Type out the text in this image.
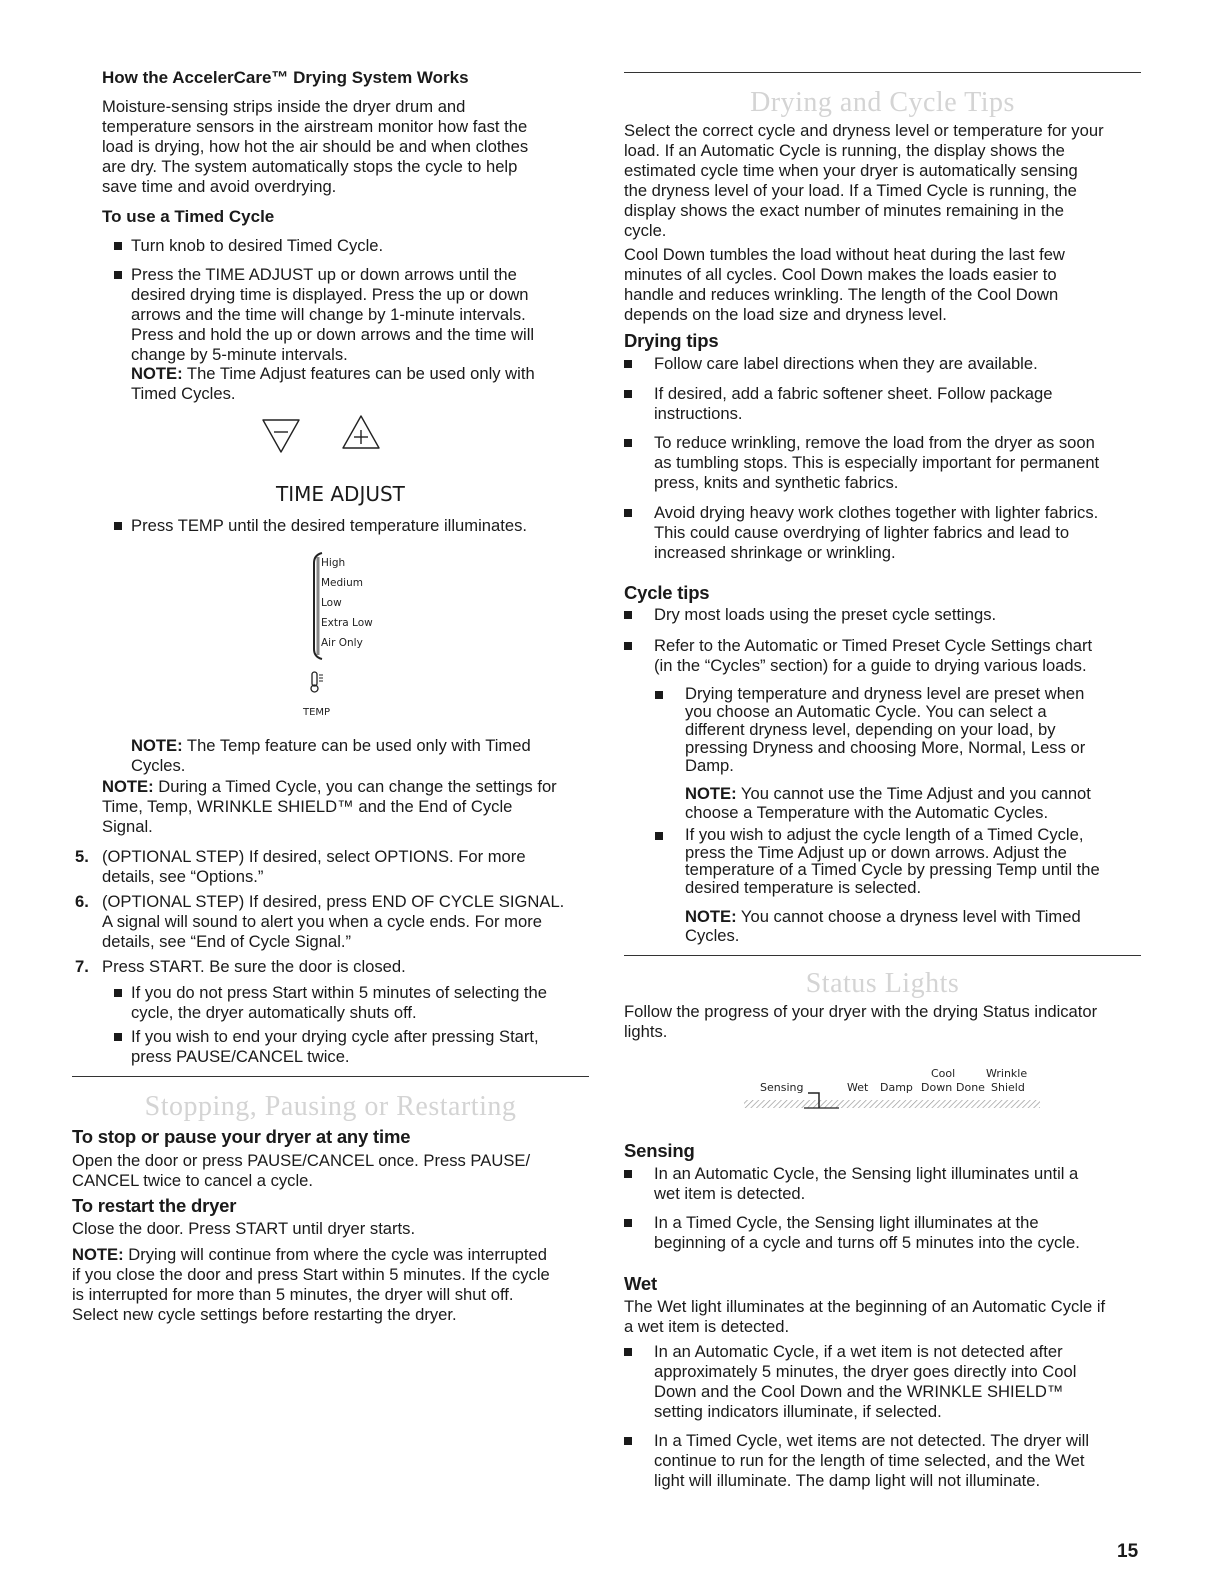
How the AccelerCare™ Drying System Works

Moisture-sensing strips inside the dryer drum and

temperature sensors in the airstream monitor how fast the

load is drying, how hot the air should be and when clothes

are dry. The system automatically stops the cycle to help

save time and avoid overdrying.

To use a Timed Cycle

Turn knob to desired Timed Cycle.

Press the TIME ADJUST up or down arrows until the

desired drying time is displayed. Press the up or down

arrows and the time will change by 1-minute intervals.

Press and hold the up or down arrows and the time will

change by 5-minute intervals.

NOTE: The Time Adjust features can be used only with

Timed Cycles.

TIME ADJUST

Press TEMP until the desired temperature illuminates.

High
Medium
Low
Extra Low
Air Only
TEMP

NOTE: The Temp feature can be used only with Timed

Cycles.

NOTE: During a Timed Cycle, you can change the settings for

Time, Temp, WRINKLE SHIELD™ and the End of Cycle

Signal.

5. (OPTIONAL STEP) If desired, select OPTIONS. For more

details, see “Options.”

6. (OPTIONAL STEP) If desired, press END OF CYCLE SIGNAL.

A signal will sound to alert you when a cycle ends. For more

details, see “End of Cycle Signal.”

7. Press START. Be sure the door is closed.

If you do not press Start within 5 minutes of selecting the

cycle, the dryer automatically shuts off.

If you wish to end your drying cycle after pressing Start,

press PAUSE/CANCEL twice.

Stopping, Pausing or Restarting

To stop or pause your dryer at any time

Open the door or press PAUSE/CANCEL once. Press PAUSE/

CANCEL twice to cancel a cycle.

To restart the dryer

Close the door. Press START until dryer starts.

NOTE: Drying will continue from where the cycle was interrupted

if you close the door and press Start within 5 minutes. If the cycle

is interrupted for more than 5 minutes, the dryer will shut off.

Select new cycle settings before restarting the dryer.

Drying and Cycle Tips

Select the correct cycle and dryness level or temperature for your

load. If an Automatic Cycle is running, the display shows the

estimated cycle time when your dryer is automatically sensing

the dryness level of your load. If a Timed Cycle is running, the

display shows the exact number of minutes remaining in the

cycle.

Cool Down tumbles the load without heat during the last few

minutes of all cycles. Cool Down makes the loads easier to

handle and reduces wrinkling. The length of the Cool Down

depends on the load size and dryness level.

Drying tips

Follow care label directions when they are available.

If desired, add a fabric softener sheet. Follow package

instructions.

To reduce wrinkling, remove the load from the dryer as soon

as tumbling stops. This is especially important for permanent

press, knits and synthetic fabrics.

Avoid drying heavy work clothes together with lighter fabrics.

This could cause overdrying of lighter fabrics and lead to

increased shrinkage or wrinkling.

Cycle tips

Dry most loads using the preset cycle settings.

Refer to the Automatic or Timed Preset Cycle Settings chart

(in the “Cycles” section) for a guide to drying various loads.

Drying temperature and dryness level are preset when

you choose an Automatic Cycle. You can select a

different dryness level, depending on your load, by

pressing Dryness and choosing More, Normal, Less or

Damp.

NOTE: You cannot use the Time Adjust and you cannot

choose a Temperature with the Automatic Cycles.

If you wish to adjust the cycle length of a Timed Cycle,

press the Time Adjust up or down arrows. Adjust the

temperature of a Timed Cycle by pressing Temp until the

desired temperature is selected.

NOTE: You cannot choose a dryness level with Timed

Cycles.

Status Lights

Follow the progress of your dryer with the drying Status indicator

lights.

Cool	Wrinkle
Sensing	Wet Damp Down Done Shield

Sensing

In an Automatic Cycle, the Sensing light illuminates until a

wet item is detected.

In a Timed Cycle, the Sensing light illuminates at the

beginning of a cycle and turns off 5 minutes into the cycle.

Wet

The Wet light illuminates at the beginning of an Automatic Cycle if

a wet item is detected.

In an Automatic Cycle, if a wet item is not detected after

approximately 5 minutes, the dryer goes directly into Cool

Down and the Cool Down and the WRINKLE SHIELD™

setting indicators illuminate, if selected.

In a Timed Cycle, wet items are not detected. The dryer will

continue to run for the length of time selected, and the Wet

light will illuminate. The damp light will not illuminate.

15
